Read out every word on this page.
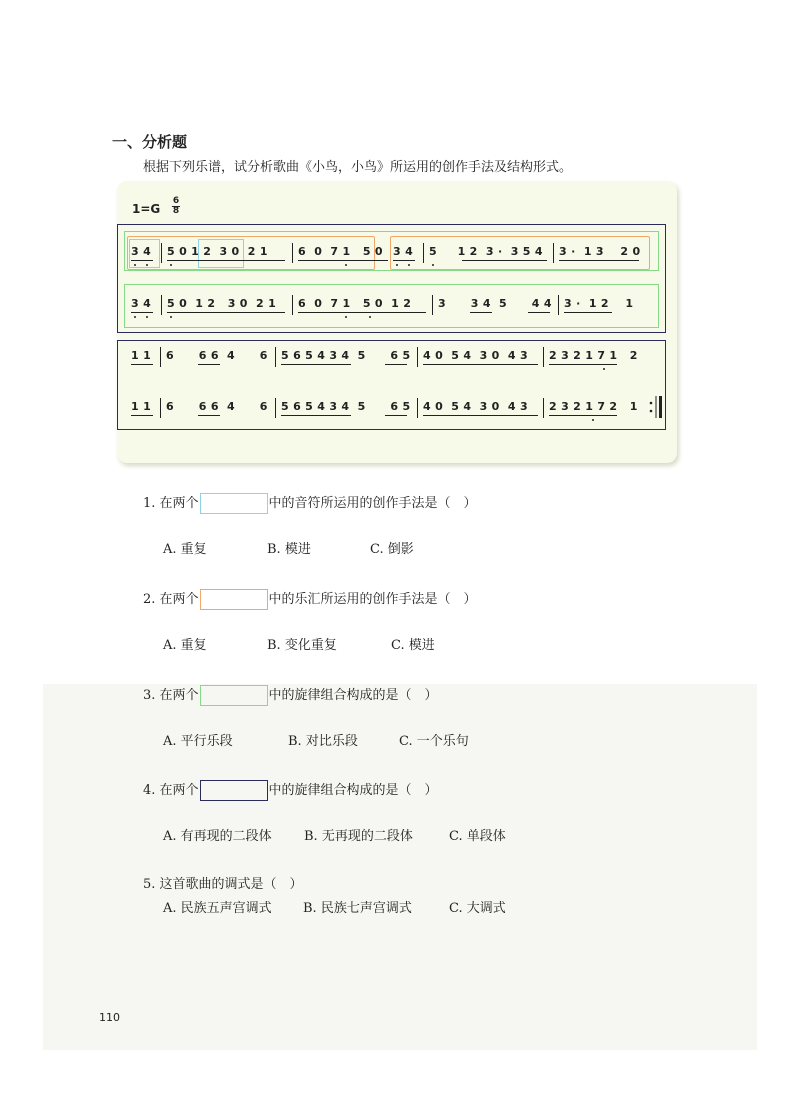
一、分析题
根据下列乐谱，试分析歌曲《小鸟，小鸟》所运用的创作手法及结构形式。
1=G
6
8
3 4 5 0 1 2  3 0  2 1	6  0  7 1   5 0 3 4 5     1 2  3 ·  3 5 4 3 ·  1 3    2 0
3 4 5 0  1 2   3 0  2 1 6  0  7 1   5 0  1 2 3      3 4  5      4 4 3 ·  1 2    1
1 1 6      6 6  4      6 5 6 5 4 3 4  5      6 5 4 0  5 4  3 0  4 3 2 3 2 1 7 1   2
1 1 6      6 6  4      6 5 6 5 4 3 4  5      6 5 4 0  5 4  3 0  4 3 2 3 2 1 7 2   1
1. 在两个	中的音符所运用的创作手法是（　）
A. 重复	B. 模进	C. 倒影
2. 在两个	中的乐汇所运用的创作手法是（　）
A. 重复	B. 变化重复	C. 模进
3. 在两个	中的旋律组合构成的是（　）
A. 平行乐段	B. 对比乐段	C. 一个乐句
4. 在两个	中的旋律组合构成的是（　）
A. 有再现的二段体 B. 无再现的二段体	C. 单段体
5. 这首歌曲的调式是（　）
A. 民族五声宫调式 B. 民族七声宫调式	C. 大调式
110
